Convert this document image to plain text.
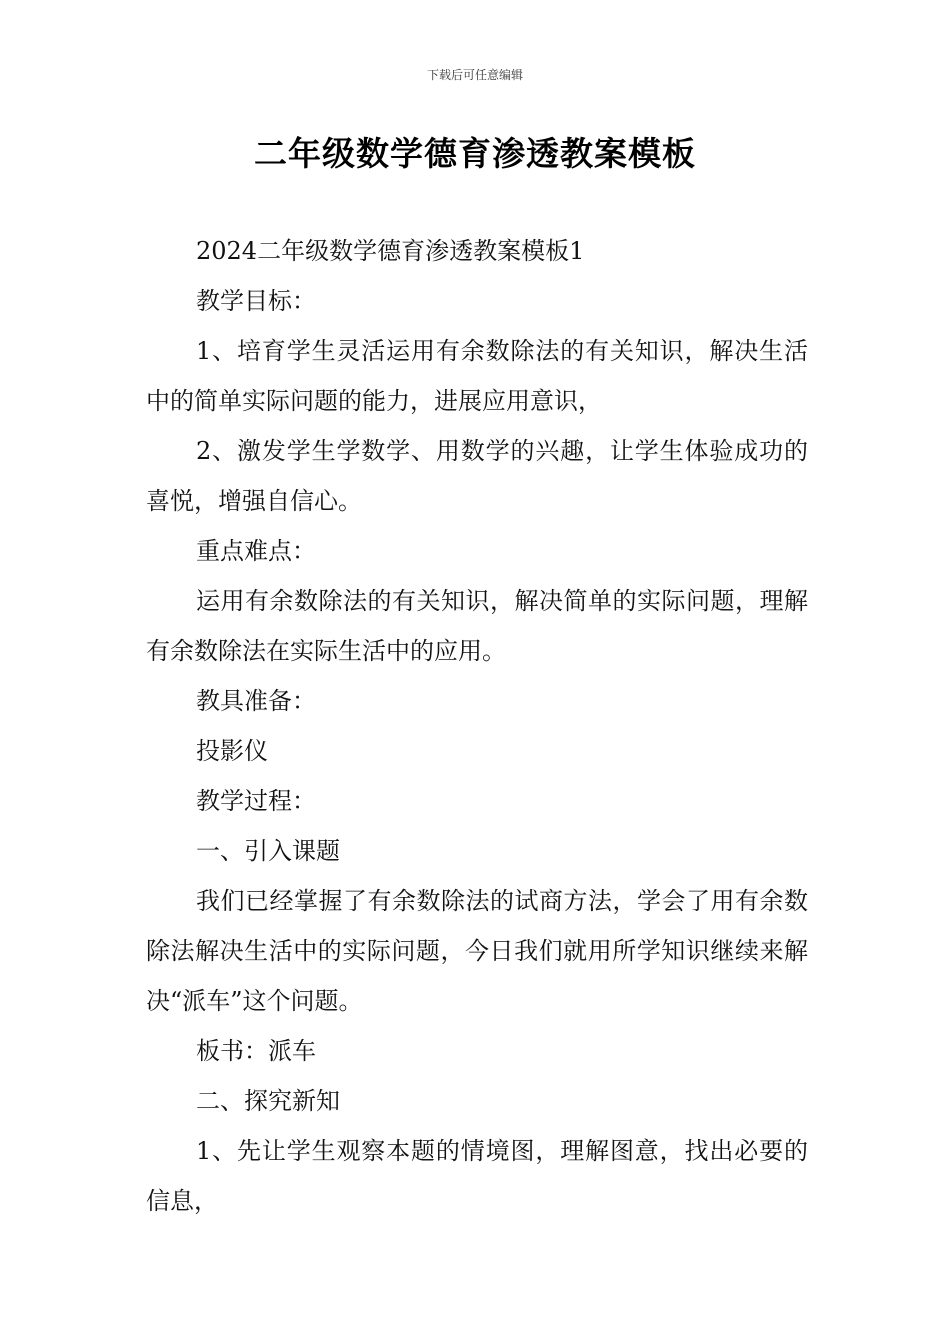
下载后可任意编辑
二年级数学德育渗透教案模板

2024二年级数学德育渗透教案模板1

教学目标：

1、培育学生灵活运用有余数除法的有关知识，解决生活中的简单实际问题的能力，进展应用意识，

2、激发学生学数学、用数学的兴趣，让学生体验成功的喜悦，增强自信心。

重点难点：

运用有余数除法的有关知识，解决简单的实际问题，理解有余数除法在实际生活中的应用。

教具准备：

投影仪

教学过程：

一、引入课题

我们已经掌握了有余数除法的试商方法，学会了用有余数除法解决生活中的实际问题，今日我们就用所学知识继续来解决“派车”这个问题。

板书：派车

二、探究新知

1、先让学生观察本题的情境图，理解图意，找出必要的信息，
